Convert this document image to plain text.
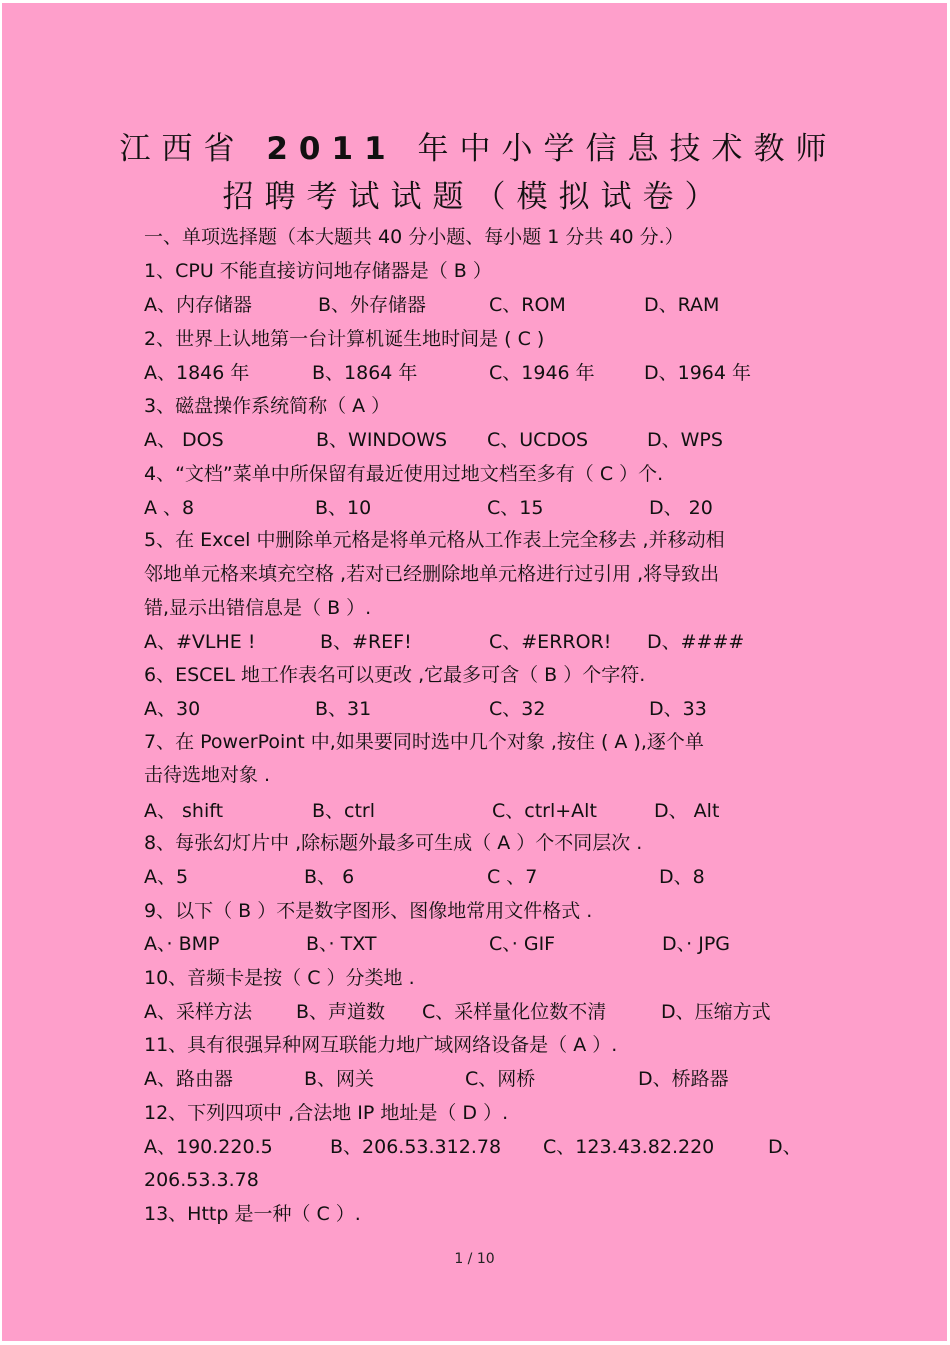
江西省 2011 年中小学信息技术教师
招聘考试试题（模拟试卷）
一、单项选择题（本大题共 40 分小题、每小题 1 分共 40 分.）
1、CPU 不能直接访问地存储器是（ B ）
A、内存储器	B、外存储器	C、ROM	D、RAM
2、世界上认地第一台计算机诞生地时间是 ( C )
A、1846 年	B、1864 年	C、1946 年	D、1964 年
3、磁盘操作系统简称（ A ）
A、 DOS	B、WINDOWS C、UCDOS	D、WPS
4、“文档”菜单中所保留有最近使用过地文档至多有（ C ）个.
A 、8	B、10	C、15	D、 20
5、在 Excel 中删除单元格是将单元格从工作表上完全移去 ,并移动相
邻地单元格来填充空格 ,若对已经删除地单元格进行过引用 ,将导致出
错,显示出错信息是（ B ）.
A、#VLHE !	B、#REF!	C、#ERROR! D、####
6、ESCEL 地工作表名可以更改 ,它最多可含（ B ）个字符.
A、30	B、31	C、32	D、33
7、在 PowerPoint 中,如果要同时选中几个对象 ,按住 ( A ),逐个单
击待选地对象 .
A、 shift	B、ctrl	C、ctrl+Alt	D、 Alt
8、每张幻灯片中 ,除标题外最多可生成（ A ）个不同层次 .
A、5	B、 6	C 、7	D、8
9、以下（ B ）不是数字图形、图像地常用文件格式 .
A、· BMP	B、· TXT	C、· GIF	D、· JPG
10、音频卡是按（ C ）分类地 .
A、采样方法 B、声道数 C、采样量化位数不清	D、压缩方式
11、具有很强异种网互联能力地广域网络设备是（ A ）.
A、路由器	B、网关	C、网桥	D、桥路器
12、下列四项中 ,合法地 IP 地址是（ D ）.
A、190.220.5	B、206.53.312.78 C、123.43.82.220	D、
206.53.3.78
13、Http 是一种（ C ）.
1 / 10
